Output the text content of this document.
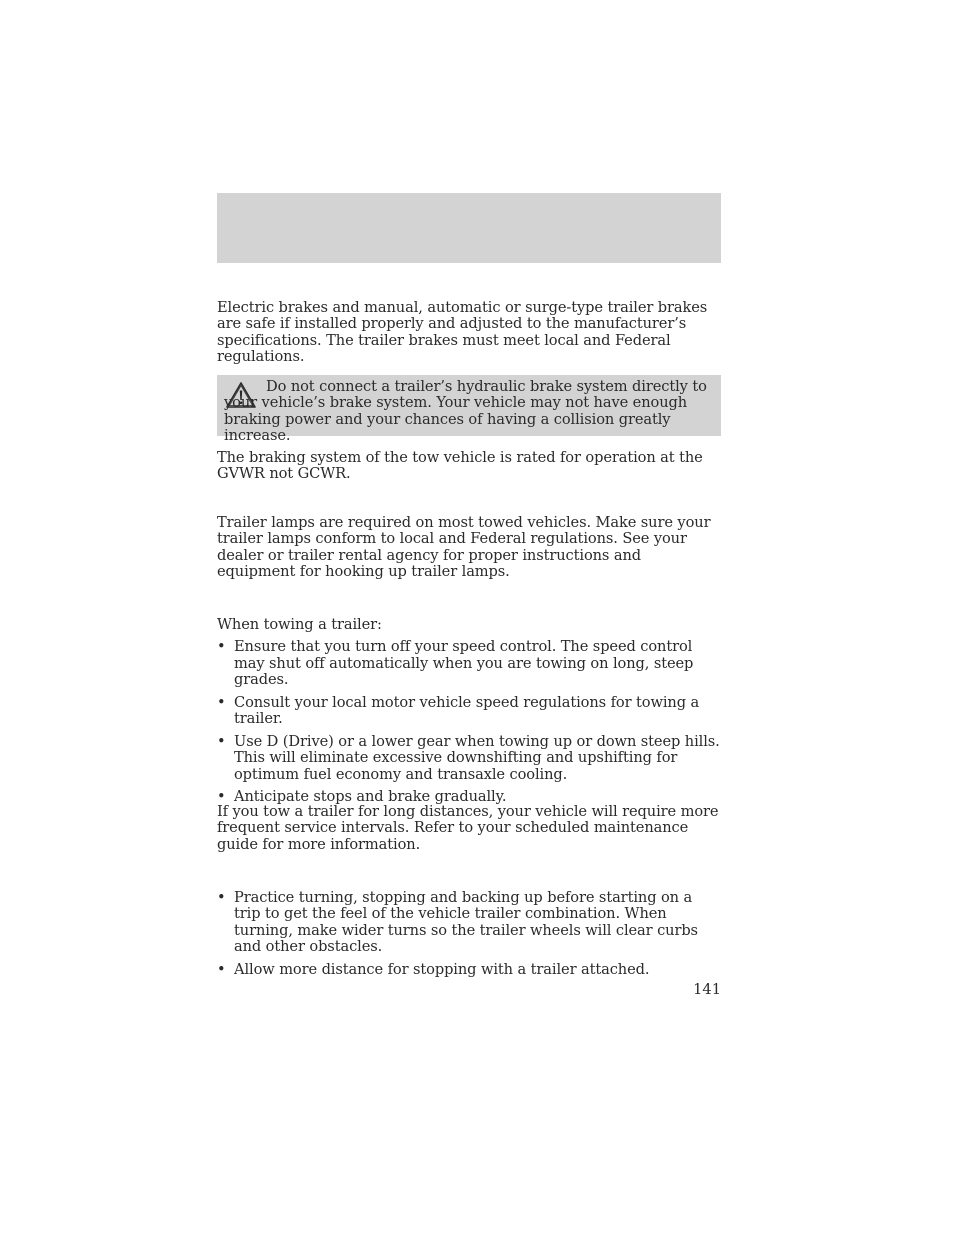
Electric brakes and manual, automatic or surge-type trailer brakes are safe if installed properly and adjusted to the manufacturer’s specifications. The trailer brakes must meet local and Federal regulations.

Do not connect a trailer’s hydraulic brake system directly to your vehicle’s brake system. Your vehicle may not have enough braking power and your chances of having a collision greatly increase.

The braking system of the tow vehicle is rated for operation at the GVWR not GCWR.

Trailer lamps are required on most towed vehicles. Make sure your trailer lamps conform to local and Federal regulations. See your dealer or trailer rental agency for proper instructions and equipment for hooking up trailer lamps.

When towing a trailer:

• Ensure that you turn off your speed control. The speed control may shut off automatically when you are towing on long, steep grades.
• Consult your local motor vehicle speed regulations for towing a trailer.
• Use D (Drive) or a lower gear when towing up or down steep hills. This will eliminate excessive downshifting and upshifting for optimum fuel economy and transaxle cooling.
• Anticipate stops and brake gradually.

If you tow a trailer for long distances, your vehicle will require more frequent service intervals. Refer to your scheduled maintenance guide for more information.

• Practice turning, stopping and backing up before starting on a trip to get the feel of the vehicle trailer combination. When turning, make wider turns so the trailer wheels will clear curbs and other obstacles.
• Allow more distance for stopping with a trailer attached.
141
